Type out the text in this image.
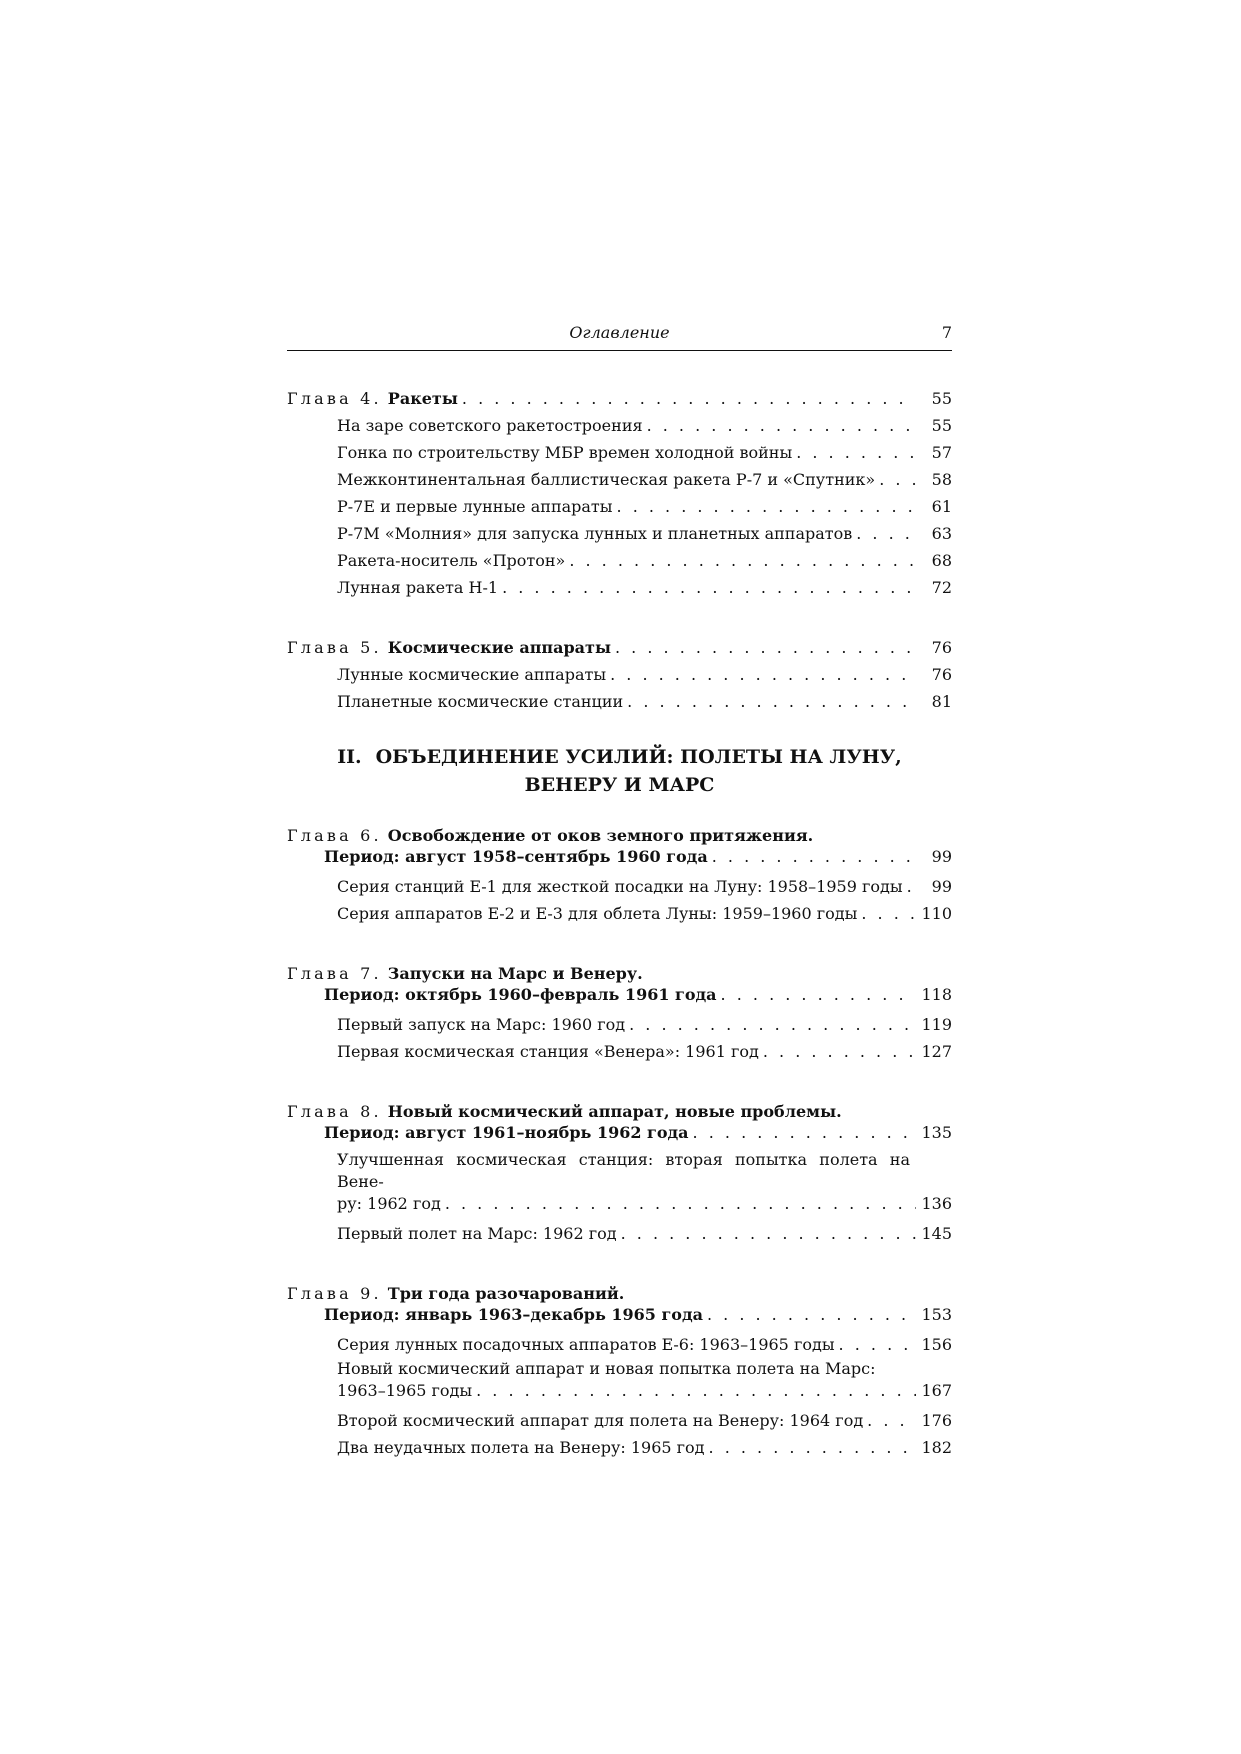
Оглавление	7
Глава 4. Ракеты . . .	55
На заре советского ракетостроения . . .	55
Гонка по строительству МБР времен холодной войны . . .	57
Межконтинентальная баллистическая ракета Р-7 и «Спутник» . . .	58
Р-7Е и первые лунные аппараты . . .	61
Р-7М «Молния» для запуска лунных и планетных аппаратов . . .	63
Ракета-носитель «Протон» . . .	68
Лунная ракета Н-1 . . .	72
Глава 5. Космические аппараты . . .	76
Лунные космические аппараты . . .	76
Планетные космические станции . . .	81
II. ОБЪЕДИНЕНИЕ УСИЛИЙ: ПОЛЕТЫ НА ЛУНУ,
ВЕНЕРУ И МАРС
Глава 6. Освобождение от оков земного притяжения.
Период: август 1958–сентябрь 1960 года . . .	99
Серия станций Е-1 для жесткой посадки на Луну: 1958–1959 годы . . .	99
Серия аппаратов Е-2 и Е-3 для облета Луны: 1959–1960 годы . . .	110
Глава 7. Запуски на Марс и Венеру.
Период: октябрь 1960–февраль 1961 года . . .	118
Первый запуск на Марс: 1960 год . . .	119
Первая космическая станция «Венера»: 1961 год . . .	127
Глава 8. Новый космический аппарат, новые проблемы.
Период: август 1961–ноябрь 1962 года . . .	135
Улучшенная космическая станция: вторая попытка полета на Вене-
ру: 1962 год . . .	136
Первый полет на Марс: 1962 год . . .	145
Глава 9. Три года разочарований.
Период: январь 1963–декабрь 1965 года . . .	153
Серия лунных посадочных аппаратов Е-6: 1963–1965 годы . . .	156
Новый космический аппарат и новая попытка полета на Марс:
1963–1965 годы . . .	167
Второй космический аппарат для полета на Венеру: 1964 год . . .	176
Два неудачных полета на Венеру: 1965 год . . .	182
